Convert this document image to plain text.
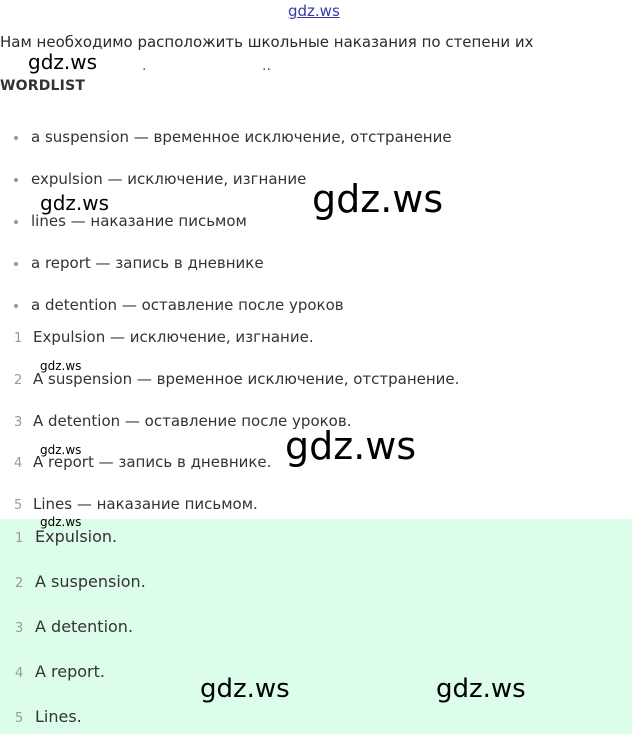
gdz.ws
Нам необходимо расположить школьные наказания по степени их
.	..
gdz.ws
WORDLIST
a suspension — временное исключение, отстранение
expulsion — исключение, изгнание
lines — наказание письмом
a report — запись в дневнике
a detention — оставление после уроков
gdz.ws	gdz.ws
1 Expulsion — исключение, изгнание.
2 A suspension — временное исключение, отстранение.
3 A detention — оставление после уроков.
4 A report — запись в дневнике.
5 Lines — наказание письмом.
gdz.ws
gdz.ws	gdz.ws
1 Expulsion.
2 A suspension.
3 A detention.
4 A report.
5 Lines.
gdz.ws
gdz.ws	gdz.ws
